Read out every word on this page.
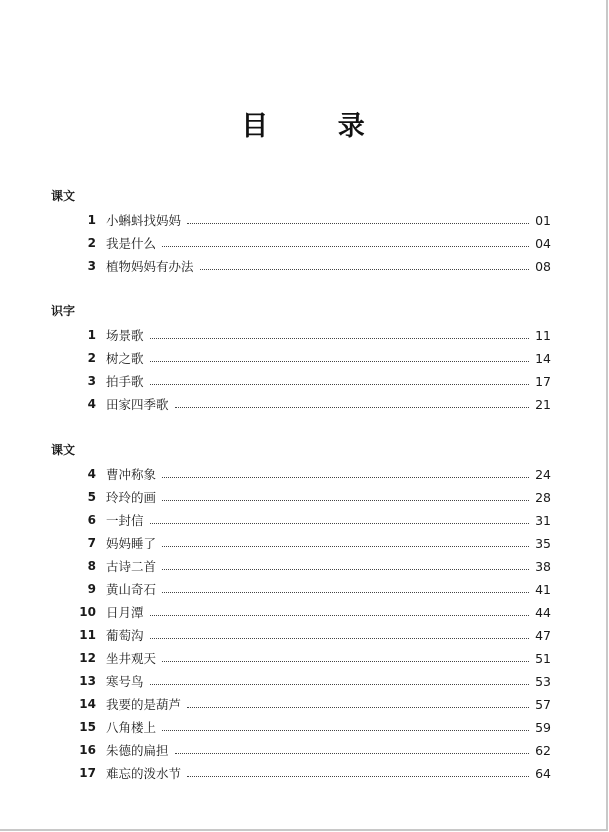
目 录
课文
1 小蝌蚪找妈妈	01
2 我是什么	04
3 植物妈妈有办法	08
识字
1 场景歌	11
2 树之歌	14
3 拍手歌	17
4 田家四季歌	21
课文
4 曹冲称象	24
5 玲玲的画	28
6 一封信	31
7 妈妈睡了	35
8 古诗二首	38
9 黄山奇石	41
10 日月潭	44
11 葡萄沟	47
12 坐井观天	51
13 寒号鸟	53
14 我要的是葫芦	57
15 八角楼上	59
16 朱德的扁担	62
17 难忘的泼水节	64
